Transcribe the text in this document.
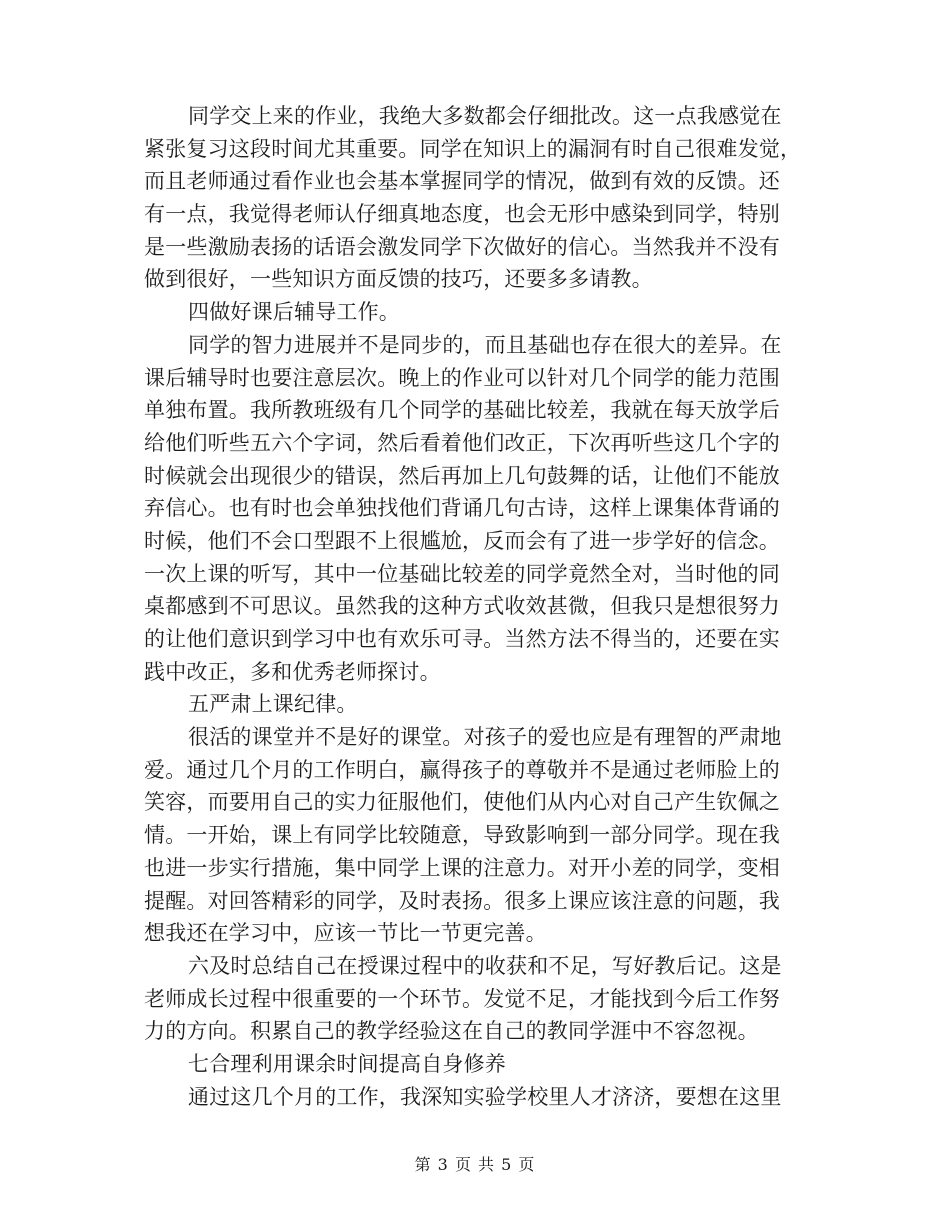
同学交上来的作业，我绝大多数都会仔细批改。这一点我感觉在
紧张复习这段时间尤其重要。同学在知识上的漏洞有时自己很难发觉，
而且老师通过看作业也会基本掌握同学的情况，做到有效的反馈。还
有一点，我觉得老师认仔细真地态度，也会无形中感染到同学，特别
是一些激励表扬的话语会激发同学下次做好的信心。当然我并不没有
做到很好，一些知识方面反馈的技巧，还要多多请教。
四做好课后辅导工作。
同学的智力进展并不是同步的，而且基础也存在很大的差异。在
课后辅导时也要注意层次。晚上的作业可以针对几个同学的能力范围
单独布置。我所教班级有几个同学的基础比较差，我就在每天放学后
给他们听些五六个字词，然后看着他们改正，下次再听些这几个字的
时候就会出现很少的错误，然后再加上几句鼓舞的话，让他们不能放
弃信心。也有时也会单独找他们背诵几句古诗，这样上课集体背诵的
时候，他们不会口型跟不上很尴尬，反而会有了进一步学好的信念。
一次上课的听写，其中一位基础比较差的同学竟然全对，当时他的同
桌都感到不可思议。虽然我的这种方式收效甚微，但我只是想很努力
的让他们意识到学习中也有欢乐可寻。当然方法不得当的，还要在实
践中改正，多和优秀老师探讨。
五严肃上课纪律。
很活的课堂并不是好的课堂。对孩子的爱也应是有理智的严肃地
爱。通过几个月的工作明白，赢得孩子的尊敬并不是通过老师脸上的
笑容，而要用自己的实力征服他们，使他们从内心对自己产生钦佩之
情。一开始，课上有同学比较随意，导致影响到一部分同学。现在我
也进一步实行措施，集中同学上课的注意力。对开小差的同学，变相
提醒。对回答精彩的同学，及时表扬。很多上课应该注意的问题，我
想我还在学习中，应该一节比一节更完善。
六及时总结自己在授课过程中的收获和不足，写好教后记。这是
老师成长过程中很重要的一个环节。发觉不足，才能找到今后工作努
力的方向。积累自己的教学经验这在自己的教同学涯中不容忽视。
七合理利用课余时间提高自身修养
通过这几个月的工作，我深知实验学校里人才济济，要想在这里
第 3 页 共 5 页
